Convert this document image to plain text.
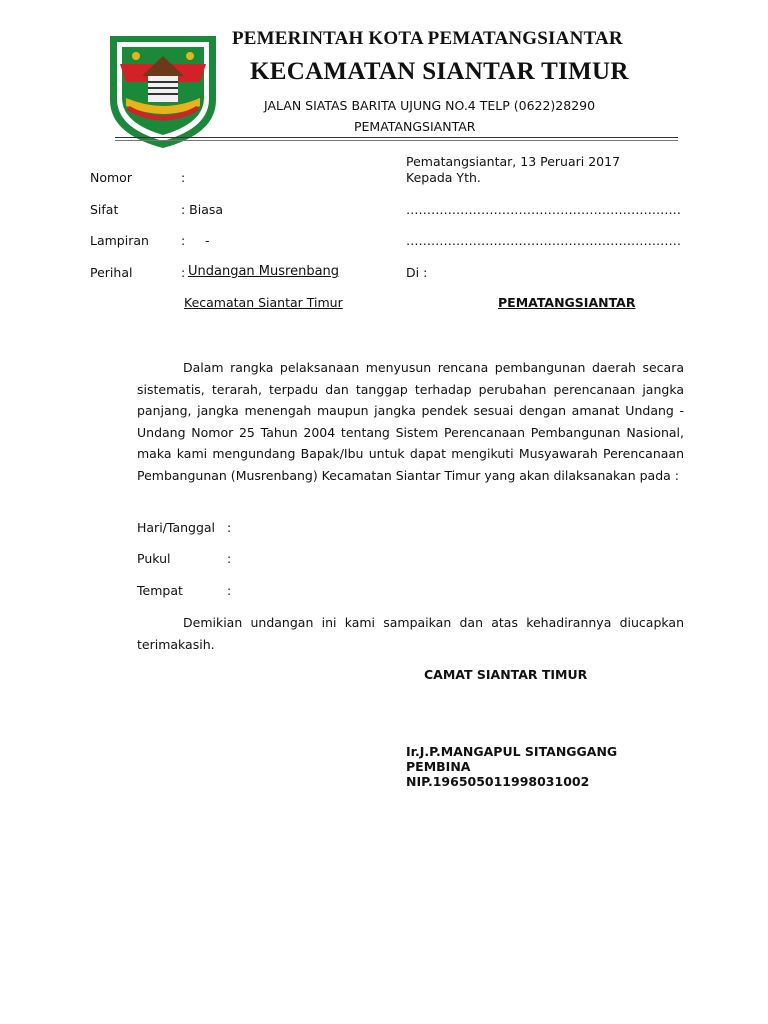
PEMERINTAH KOTA PEMATANGSIANTAR
KECAMATAN SIANTAR TIMUR
JALAN SIATAS BARITA UJUNG NO.4 TELP (0622)28290
PEMATANGSIANTAR
Pematangsiantar, 13 Peruari 2017
Kepada Yth.
…………………………………………………………
…………………………………………………………
Di :
PEMATANGSIANTAR
Nomor	:
Sifat	: Biasa
Lampiran	: -
Perihal	: Undangan Musrenbang
Kecamatan Siantar Timur

Dalam rangka pelaksanaan menyusun rencana pembangunan daerah secara sistematis, terarah, terpadu dan tanggap terhadap perubahan perencanaan jangka panjang, jangka menengah maupun jangka pendek sesuai dengan amanat Undang - Undang Nomor 25 Tahun 2004 tentang Sistem Perencanaan Pembangunan Nasional, maka kami mengundang Bapak/Ibu untuk dapat mengikuti Musyawarah Perencanaan Pembangunan (Musrenbang) Kecamatan Siantar Timur yang akan dilaksanakan pada :

Hari/Tanggal :
Pukul	:
Tempat	:

Demikian undangan ini kami sampaikan dan atas kehadirannya diucapkan terimakasih.

CAMAT SIANTAR TIMUR
Ir.J.P.MANGAPUL SITANGGANG
PEMBINA
NIP.196505011998031002
